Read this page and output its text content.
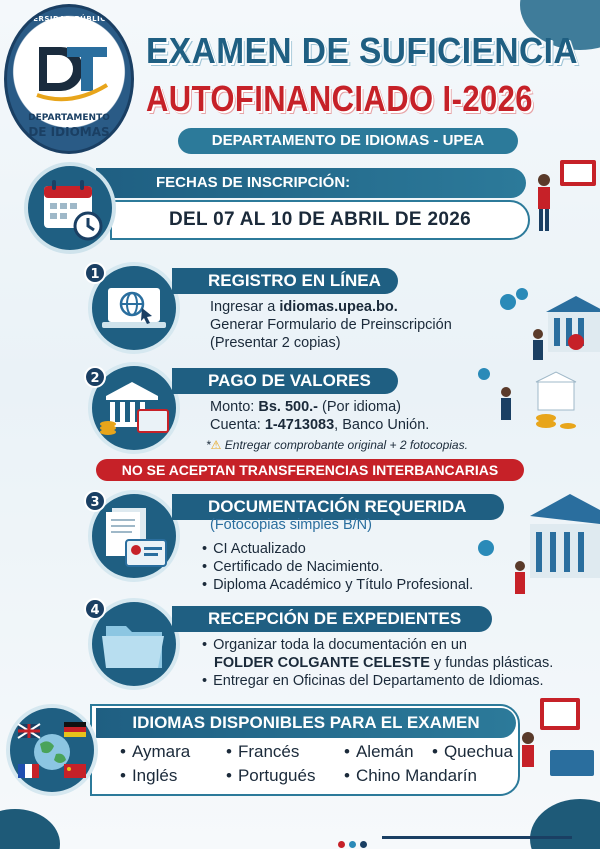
UNIVERSIDAD PÚBLICA DE EL ALTO
DEPARTAMENTO
DE IDIOMAS
EXAMEN DE SUFICIENCIA
AUTOFINANCIADO I-2026
DEPARTAMENTO DE IDIOMAS - UPEA
FECHAS DE INSCRIPCIÓN:
DEL 07 AL 10 DE ABRIL DE 2026
1	REGISTRO EN LÍNEA
Ingresar a idiomas.upea.bo.
Generar Formulario de Preinscripción
(Presentar 2 copias)
2	PAGO DE VALORES
Monto: Bs. 500.- (Por idioma)
Cuenta: 1-4713083, Banco Unión.
*⚠ Entregar comprobante original + 2 fotocopias.
NO SE ACEPTAN TRANSFERENCIAS INTERBANCARIAS
3	DOCUMENTACIÓN REQUERIDA
(Fotocopias simples B/N)
• CI Actualizado
• Certificado de Nacimiento.
• Diploma Académico y Título Profesional.
4	RECEPCIÓN DE EXPEDIENTES
• Organizar toda la documentación en un
FOLDER COLGANTE CELESTE y fundas plásticas.
• Entregar en Oficinas del Departamento de Idiomas.
IDIOMAS DISPONIBLES PARA EL EXAMEN
• Aymara	• Francés	• Alemán	• Quechua
• Inglés	• Portugués	• Chino Mandarín
